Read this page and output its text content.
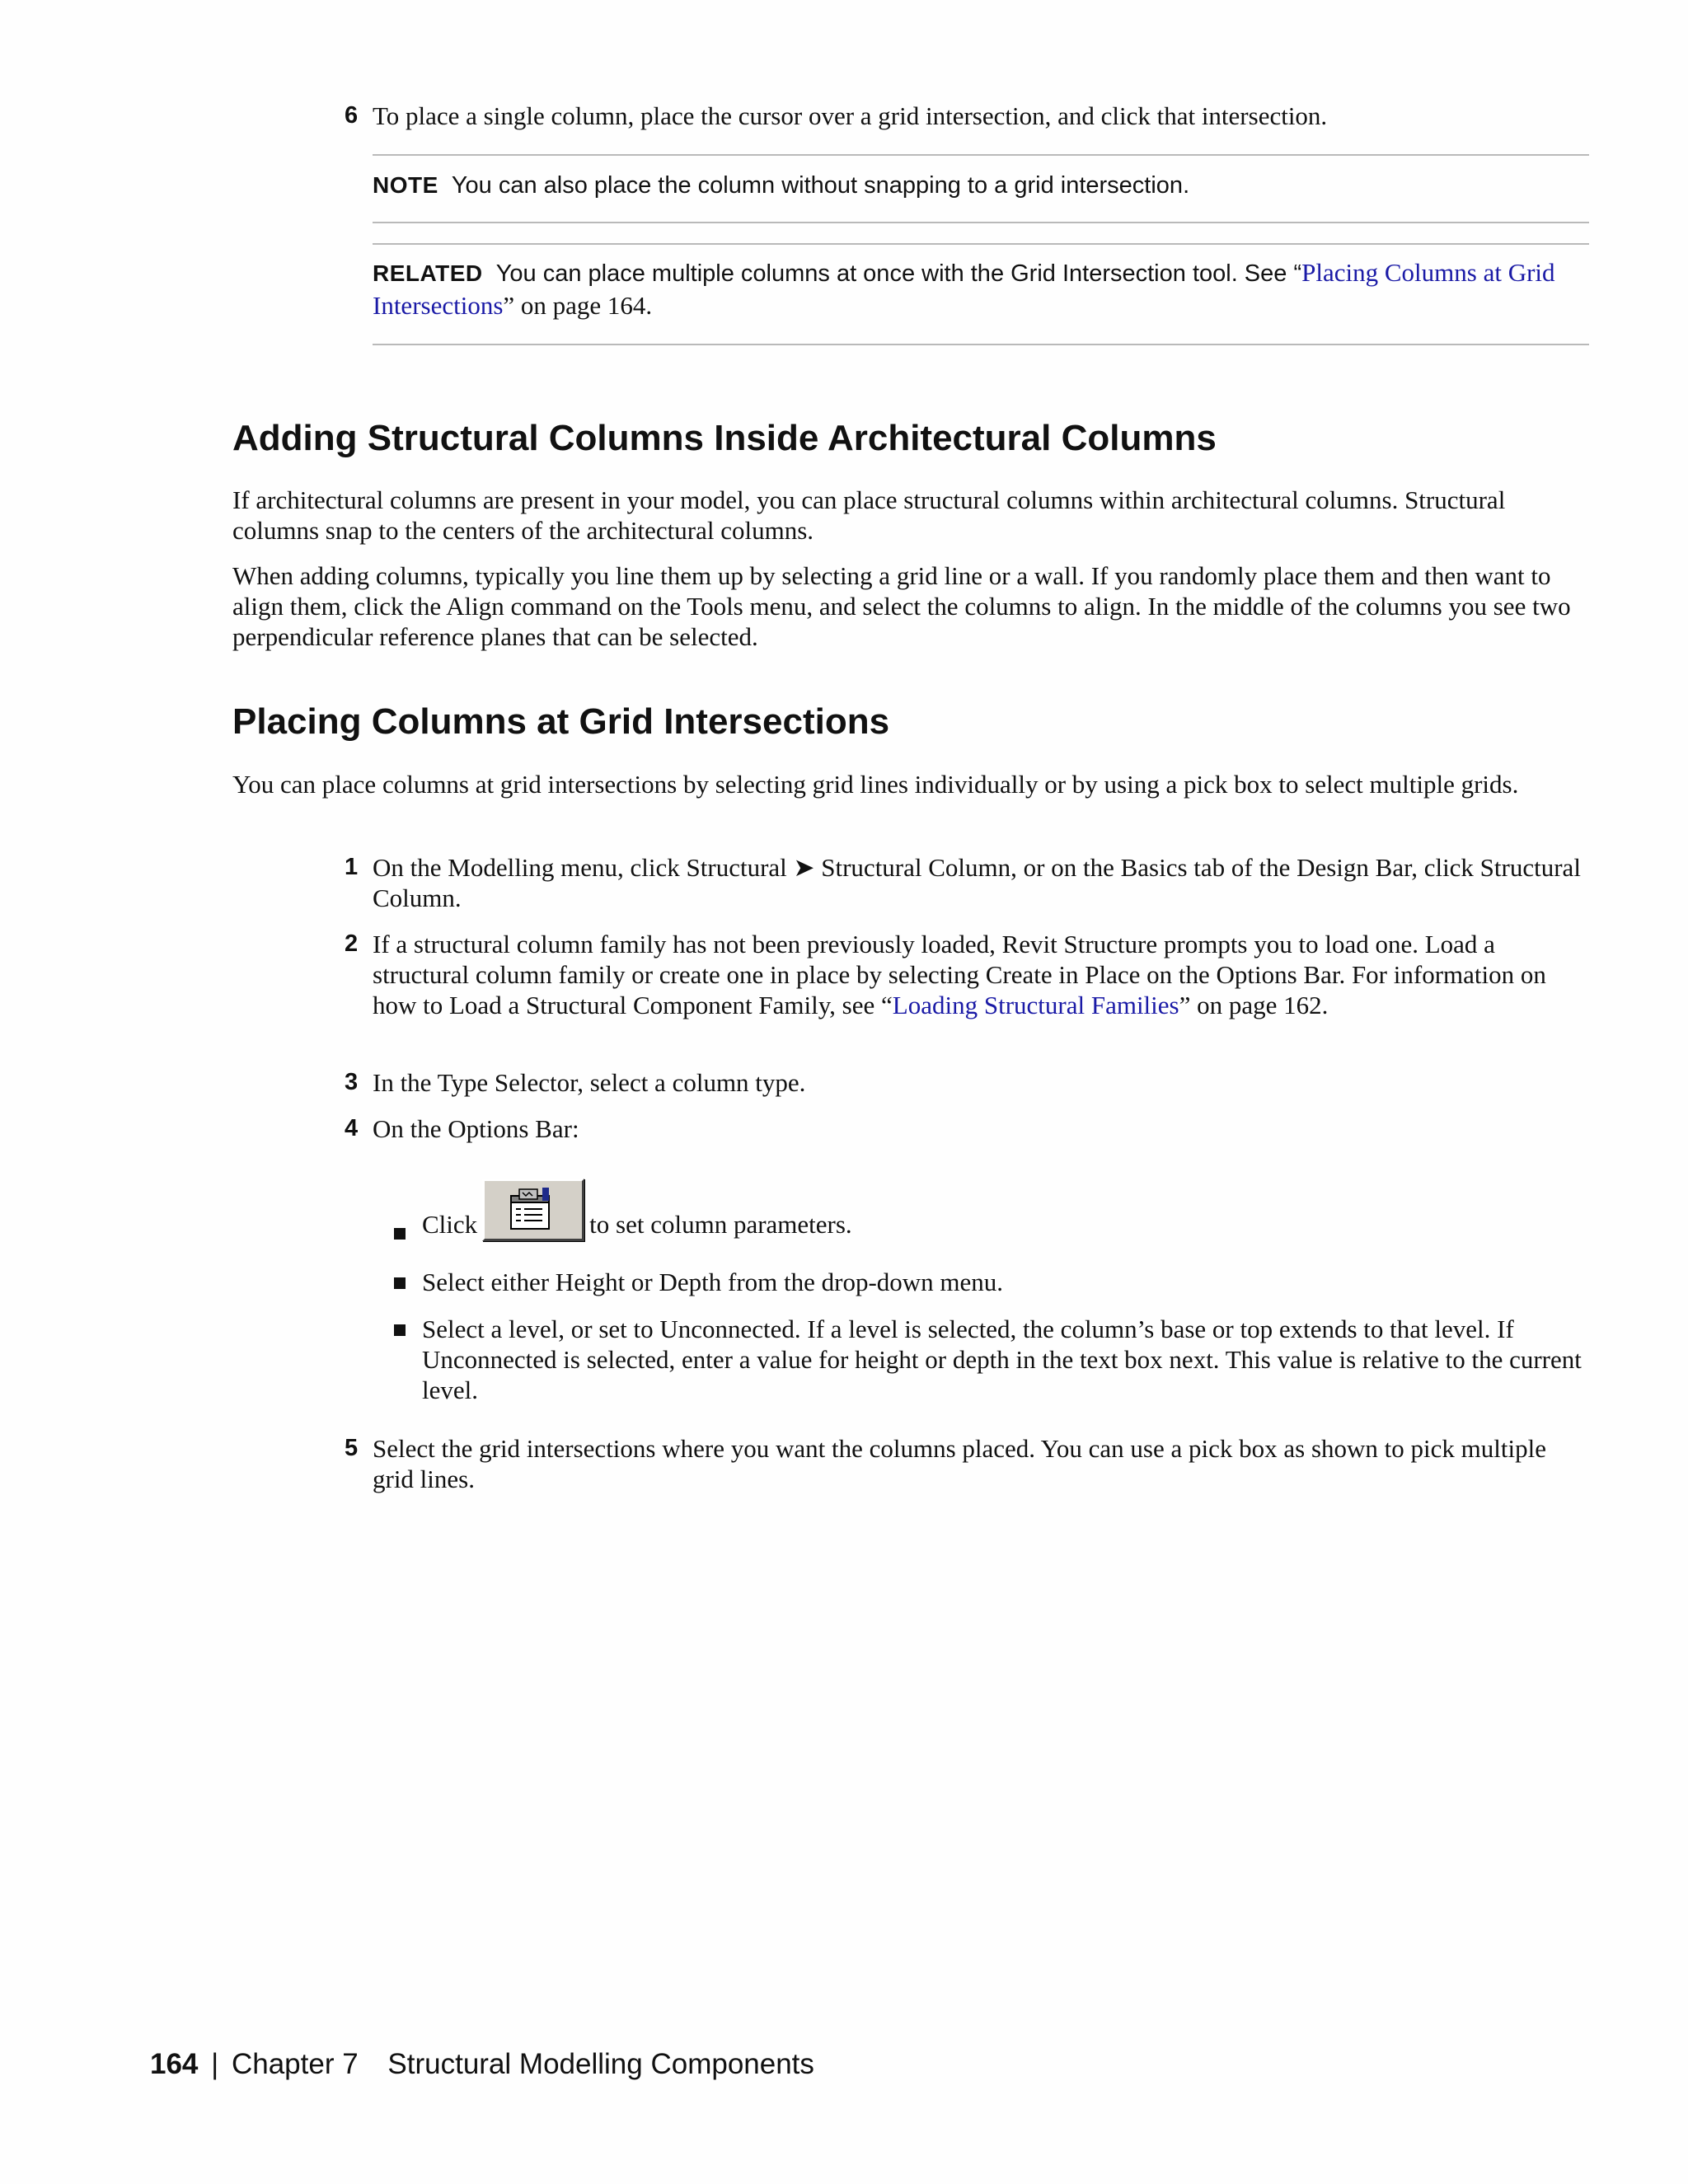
6 To place a single column, place the cursor over a grid intersection, and click that intersection.
NOTE You can also place the column without snapping to a grid intersection.
RELATED You can place multiple columns at once with the Grid Intersection tool. See “Placing Columns at Grid Intersections” on page 164.
Adding Structural Columns Inside Architectural Columns

If architectural columns are present in your model, you can place structural columns within architectural columns. Structural columns snap to the centers of the architectural columns.

When adding columns, typically you line them up by selecting a grid line or a wall. If you randomly place them and then want to align them, click the Align command on the Tools menu, and select the columns to align. In the middle of the columns you see two perpendicular reference planes that can be selected.

Placing Columns at Grid Intersections

You can place columns at grid intersections by selecting grid lines individually or by using a pick box to select multiple grids.

1 On the Modelling menu, click Structural ➤ Structural Column, or on the Basics tab of the Design Bar, click Structural Column.
2 If a structural column family has not been previously loaded, Revit Structure prompts you to load one. Load a structural column family or create one in place by selecting Create in Place on the Options Bar. For information on how to Load a Structural Component Family, see “Loading Structural Families” on page 162.
3 In the Type Selector, select a column type.
4 On the Options Bar:
Click	to set column parameters.
Select either Height or Depth from the drop-down menu.
Select a level, or set to Unconnected. If a level is selected, the column’s base or top extends to that level. If Unconnected is selected, enter a value for height or depth in the text box next. This value is relative to the current level.
5 Select the grid intersections where you want the columns placed. You can use a pick box as shown to pick multiple grid lines.
164 | Chapter 7 Structural Modelling Components
